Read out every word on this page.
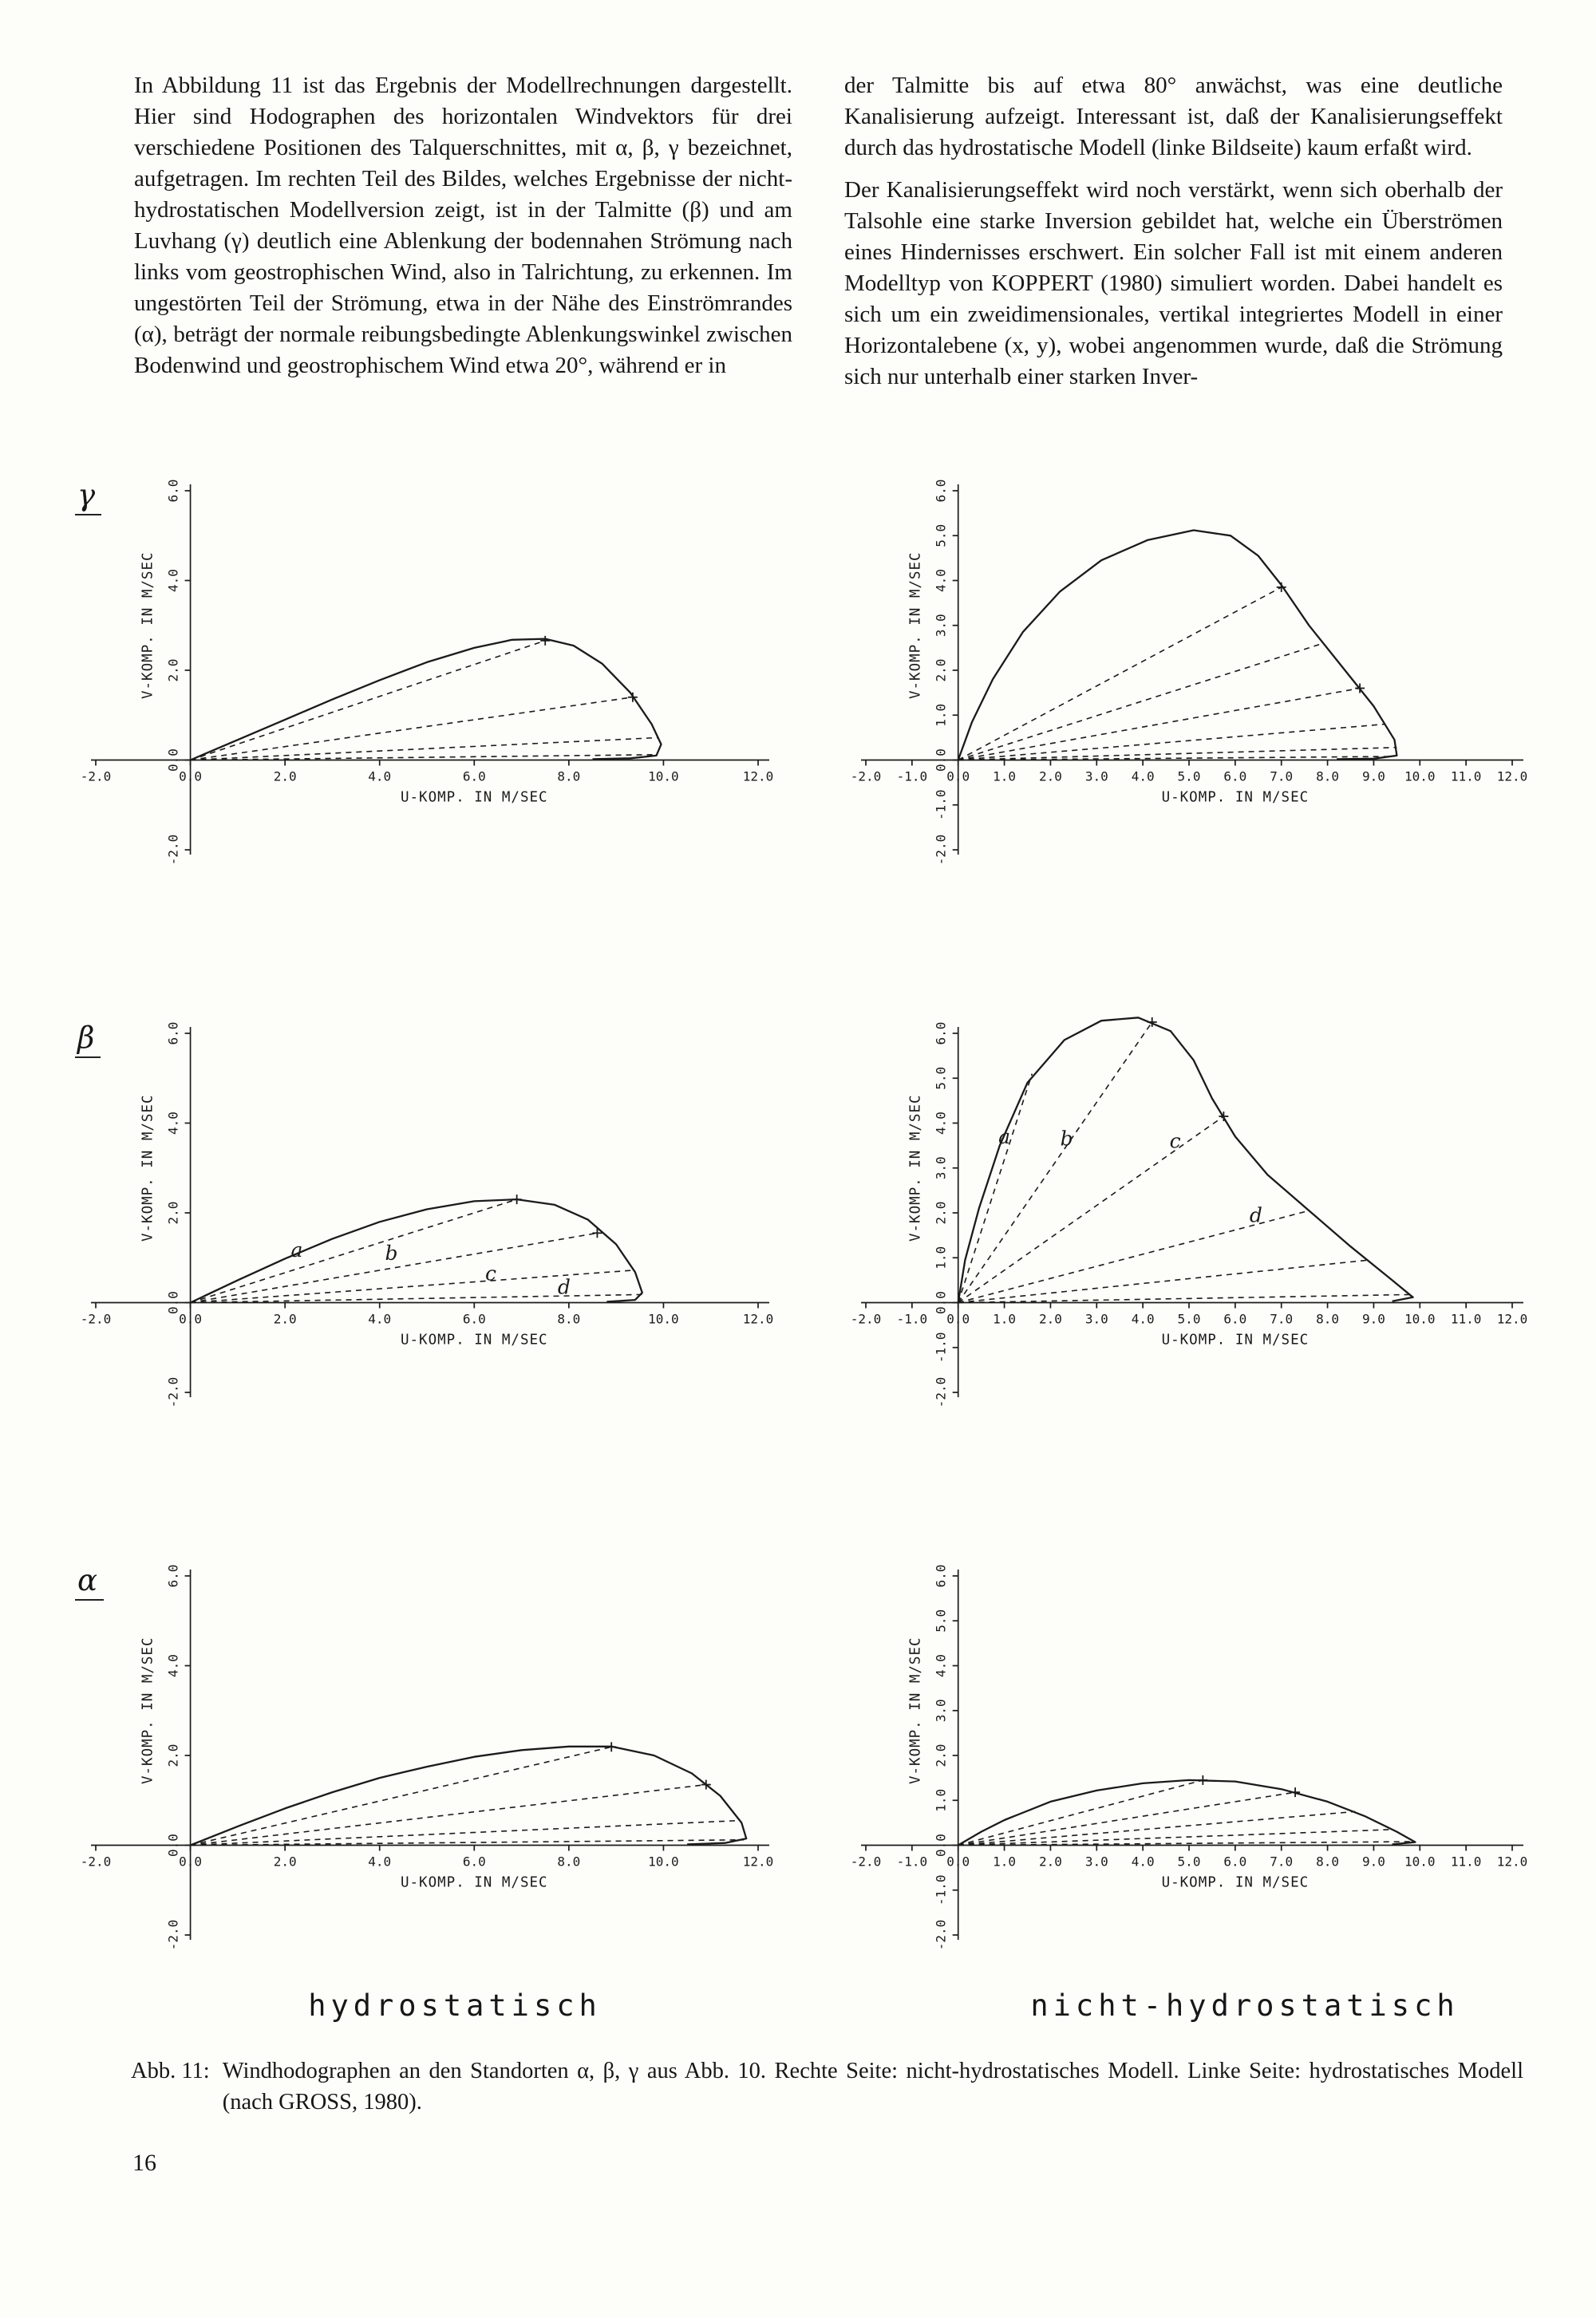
In Abbildung 11 ist das Ergebnis der Modellrechnungen dargestellt. Hier sind Hodographen des horizontalen Windvektors für drei verschiedene Positionen des Talquerschnittes, mit α, β, γ bezeichnet, aufgetragen. Im rechten Teil des Bildes, welches Ergebnisse der nicht-hydrostatischen Modellversion zeigt, ist in der Talmitte (β) und am Luvhang (γ) deutlich eine Ablenkung der bodennahen Strömung nach links vom geostrophischen Wind, also in Talrichtung, zu erkennen. Im ungestörten Teil der Strömung, etwa in der Nähe des Einströmrandes (α), beträgt der normale reibungsbedingte Ablenkungswinkel zwischen Bodenwind und geostrophischem Wind etwa 20°, während er in

der Talmitte bis auf etwa 80° anwächst, was eine deutliche Kanalisierung aufzeigt. Interessant ist, daß der Kanalisierungseffekt durch das hydrostatische Modell (linke Bildseite) kaum erfaßt wird.

Der Kanalisierungseffekt wird noch verstärkt, wenn sich oberhalb der Talsohle eine starke Inversion gebildet hat, welche ein Überströmen eines Hindernisses erschwert. Ein solcher Fall ist mit einem anderen Modelltyp von KOPPERT (1980) simuliert worden. Dabei handelt es sich um ein zweidimensionales, vertikal integriertes Modell in einer Horizontalebene (x, y), wobei angenommen wurde, daß die Strömung sich nur unterhalb einer starken Inver-

γ
β
α
-2.0	0.0	2.0	4.0	6.0	8.0	10.0	12.0
-2.0
0.0
2.0
4.0
6.0
U-KOMP. IN M/SEC
V-KOMP. IN M/SEC
-2.0 -1.0 0.0 1.0 2.0 3.0 4.0 5.0 6.0 7.0 8.0 9.0 10.0 11.0 12.0
-2.0
-1.0
0.0
1.0
2.0
3.0
4.0
5.0
6.0
U-KOMP. IN M/SEC
V-KOMP. IN M/SEC
-2.0	0.0	2.0	4.0	6.0	8.0	10.0	12.0
-2.0
0.0
2.0
4.0
6.0
U-KOMP. IN M/SEC
V-KOMP. IN M/SEC
a	b
c
d
-2.0 -1.0 0.0 1.0 2.0 3.0 4.0 5.0 6.0 7.0 8.0 9.0 10.0 11.0 12.0
-2.0
-1.0
0.0
1.0
2.0
3.0
4.0
5.0
6.0
U-KOMP. IN M/SEC
V-KOMP. IN M/SEC	a	b	c
d
-2.0	0.0	2.0	4.0	6.0	8.0	10.0	12.0
-2.0
0.0
2.0
4.0
6.0
U-KOMP. IN M/SEC
V-KOMP. IN M/SEC
-2.0 -1.0 0.0 1.0 2.0 3.0 4.0 5.0 6.0 7.0 8.0 9.0 10.0 11.0 12.0
-2.0
-1.0
0.0
1.0
2.0
3.0
4.0
5.0
6.0
U-KOMP. IN M/SEC
V-KOMP. IN M/SEC
hydrostatisch	nicht-hydrostatisch
Abb. 11: Windhodographen an den Standorten α, β, γ aus Abb. 10. Rechte Seite: nicht-hydrostatisches Modell. Linke Seite: hydrostatisches Modell (nach GROSS, 1980).
16
